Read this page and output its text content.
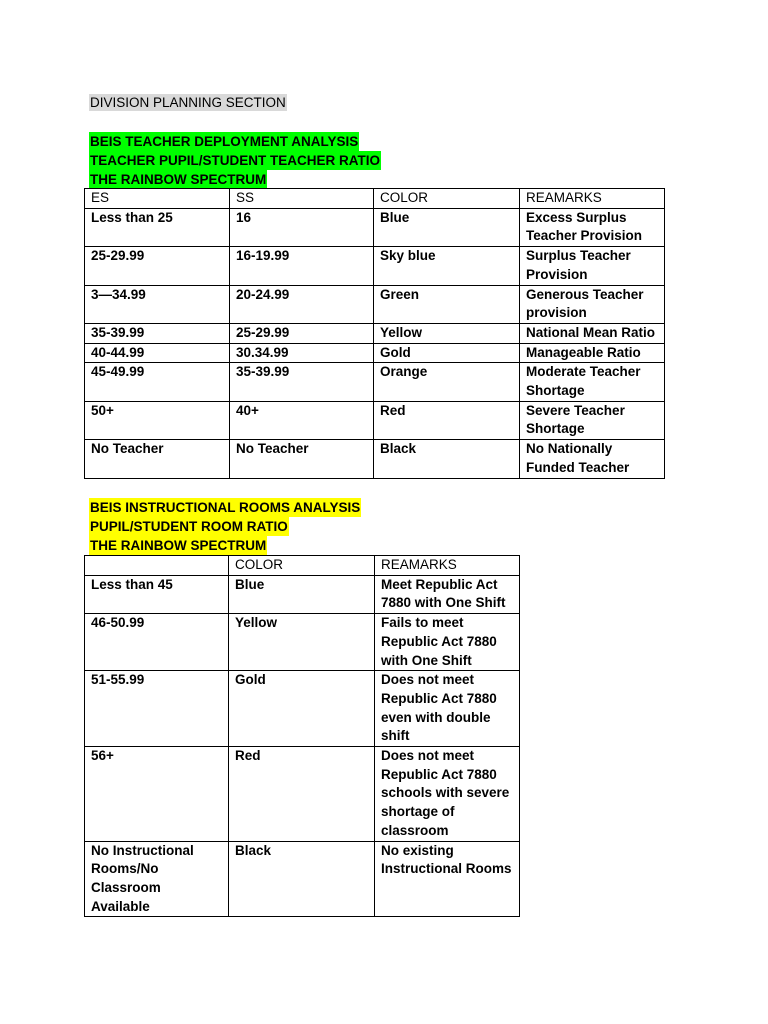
DIVISION PLANNING SECTION
BEIS TEACHER DEPLOYMENT ANALYSIS
TEACHER PUPIL/STUDENT TEACHER RATIO
THE RAINBOW SPECTRUM
ES	SS	COLOR	REAMARKS
Less than 25	16	Blue	Excess Surplus Teacher Provision
25-29.99	16-19.99	Sky blue	Surplus Teacher Provision
3—34.99	20-24.99	Green	Generous Teacher provision
35-39.99	25-29.99	Yellow	National Mean Ratio
40-44.99	30.34.99	Gold	Manageable Ratio
45-49.99	35-39.99	Orange	Moderate Teacher Shortage
50+	40+	Red	Severe Teacher Shortage
No Teacher	No Teacher	Black	No Nationally Funded Teacher
BEIS INSTRUCTIONAL ROOMS ANALYSIS
PUPIL/STUDENT ROOM RATIO
THE RAINBOW SPECTRUM
	COLOR	REAMARKS
Less than 45	Blue	Meet Republic Act 7880 with One Shift
46-50.99	Yellow	Fails to meet Republic Act 7880 with One Shift
51-55.99	Gold	Does not meet Republic Act 7880 even with double shift
56+	Red	Does not meet Republic Act 7880 schools with severe shortage of classroom
No Instructional Rooms/No Classroom Available	Black	No existing Instructional Rooms
